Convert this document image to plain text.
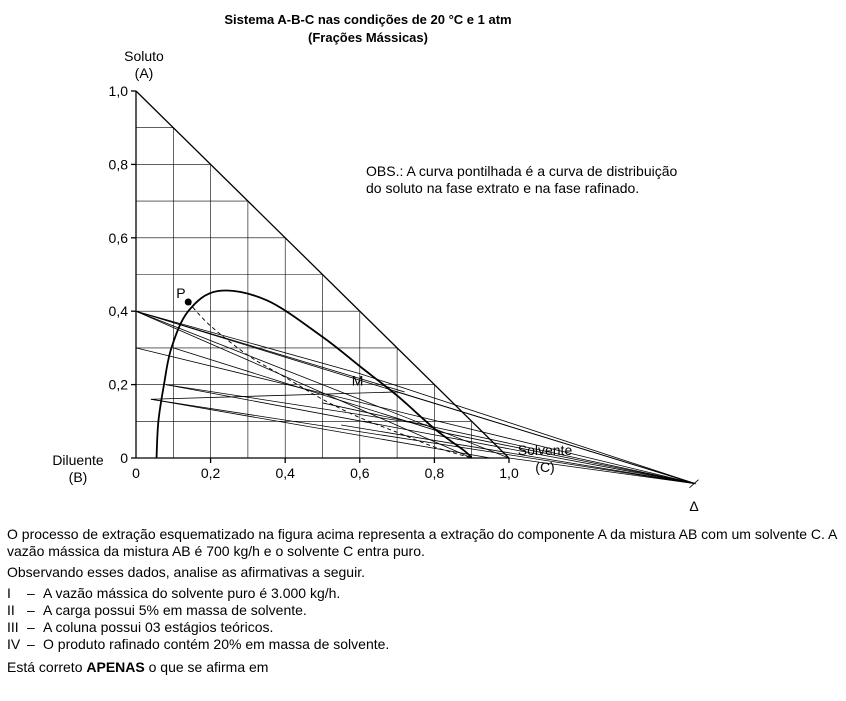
Sistema A-B-C nas condições de 20 °C e 1 atm
(Frações Mássicas)
Soluto
(A)
Diluente
(B)
Solvente
(C)
OBS.: A curva pontilhada é a curva de distribuição
do soluto na fase extrato e na fase rafinado.
Δ
0
0,2
0,4
0,6
0,8
1,0
0	0,2	0,4	0,6	0,8	1,0
P
M

O processo de extração esquematizado na figura acima representa a extração do componente A da mistura AB com um solvente C. A vazão mássica da mistura AB é 700 kg/h e o solvente C entra puro.

Observando esses dados, analise as afirmativas a seguir.

I	– A vazão mássica do solvente puro é 3.000 kg/h.
II – A carga possui 5% em massa de solvente.
III – A coluna possui 03 estágios teóricos.
IV – O produto rafinado contém 20% em massa de solvente.

Está correto APENAS o que se afirma em
